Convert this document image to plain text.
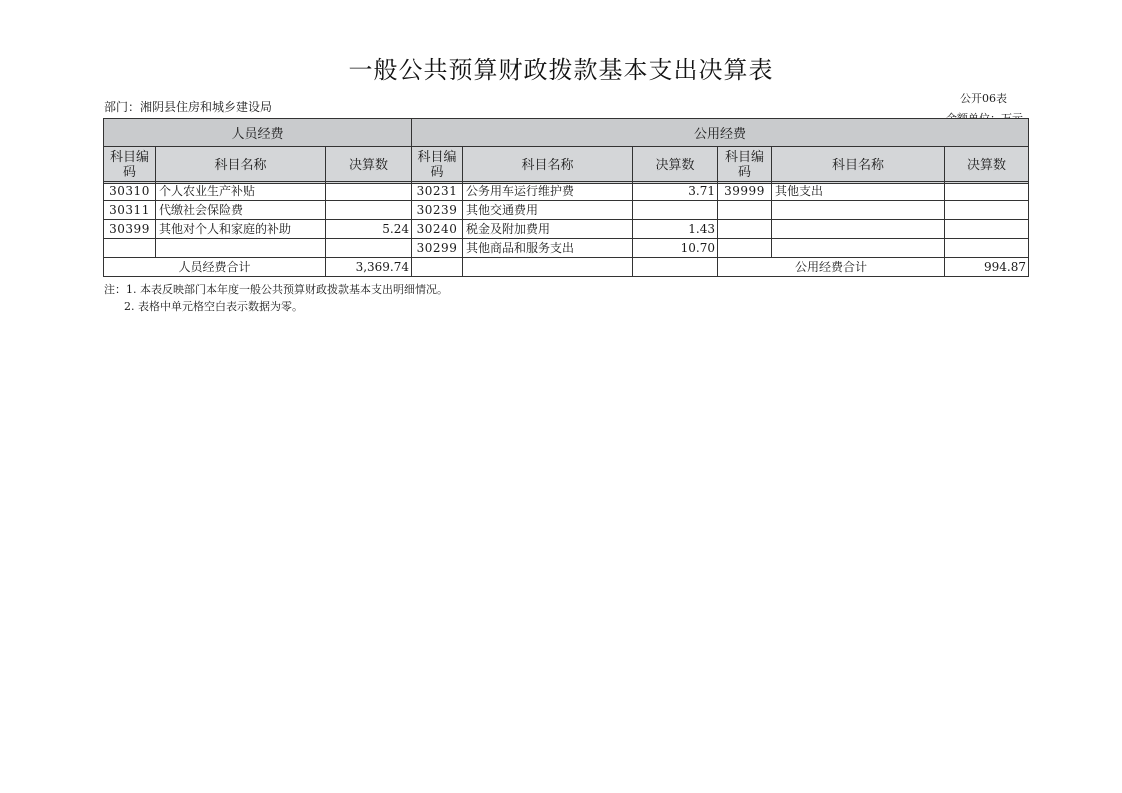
一般公共预算财政拨款基本支出决算表
公开06表
部门：湘阴县住房和城乡建设局
人员经费			公用经费					
科目编码	科目名称	决算数	科目编码	科目名称	决算数	科目编码	科目名称	决算数
30310	个人农业生产补贴		30231	公务用车运行维护费	3.71	39999	其他支出	
30311	代缴社会保险费		30239	其他交通费用				
30399	其他对个人和家庭的补助	5.24	30240	税金及附加费用	1.43			
			30299	其他商品和服务支出	10.70			
人员经费合计		3,369.74				公用经费合计		994.87
注：1. 本表反映部门本年度一般公共预算财政拨款基本支出明细情况。
2. 表格中单元格空白表示数据为零。
